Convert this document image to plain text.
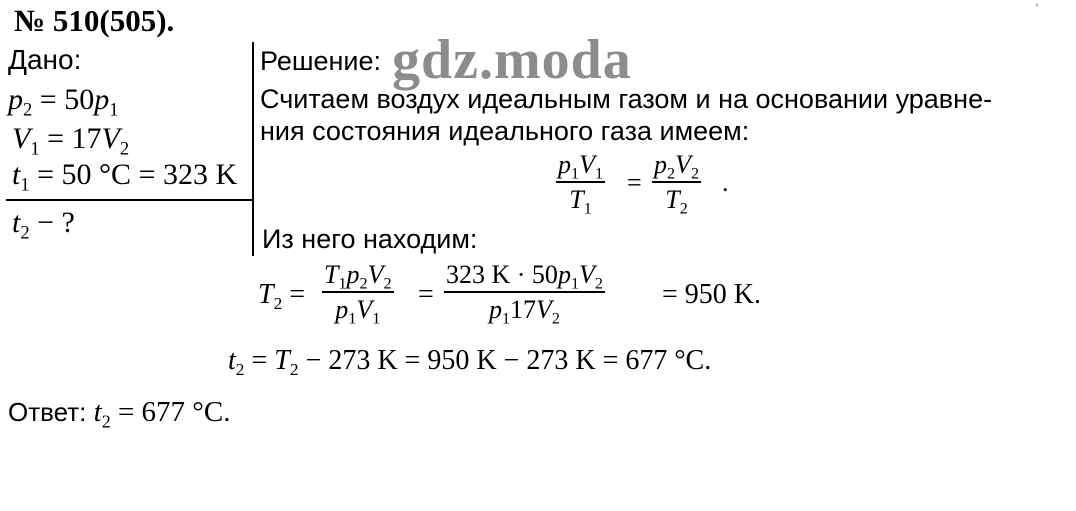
ˈ
№ 510(505).
Дано:
$p_2 = 50p_1$
$V_1 = 17V_2$
$t_1 = 50$ °C = 323 K
$t_2$ − ?
Решение: gdz.moda
Считаем воздух идеальным газом и на основании уравне-
ния состояния идеального газа имеем:
$p_1V_1$
$T_1$
=
$p_2V_2$
$T_2$
.
Из него находим:
$T_2$ =
$T_1p_2V_2$
$p_1V_1$
=
323 $K \cdot 50p_1V_2$
$p_117V_2$
= 950 K.
$t_2 = T_2 - 273$ K = 950 K − 273 K = 677 °C.
Ответ: $t_2 = 677$ °C.
